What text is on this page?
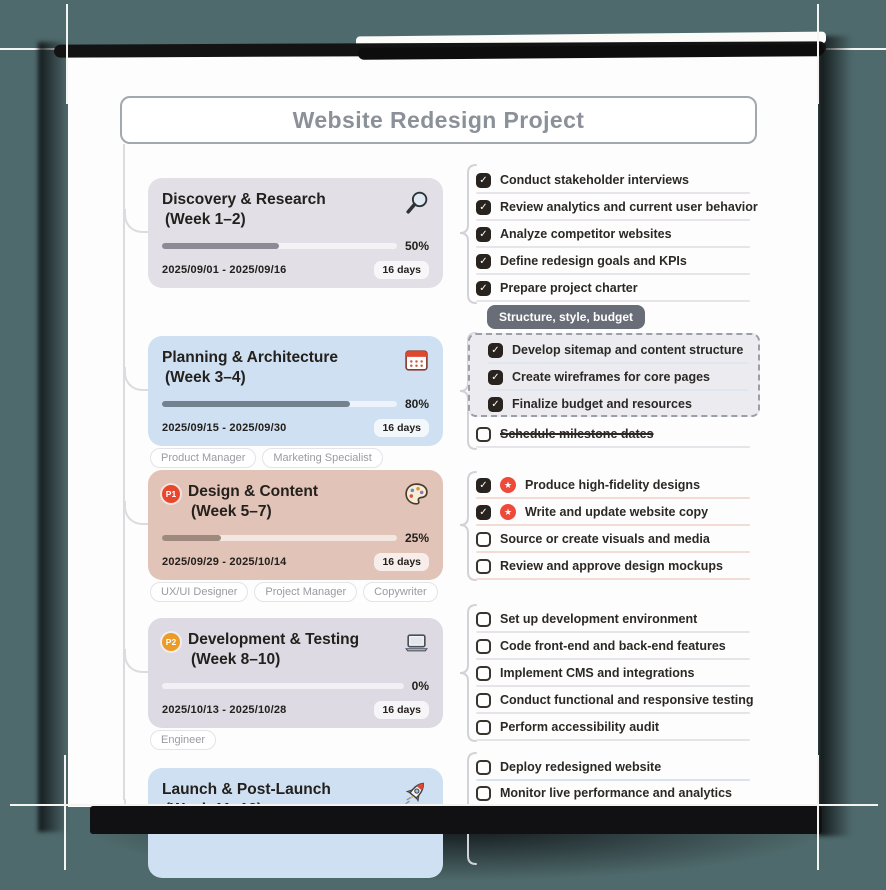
Website Redesign Project
Discovery & Research
(Week 1–2)
50%
2025/09/01 - 2025/09/16	16 days
Planning & Architecture
(Week 3–4)
80%
2025/09/15 - 2025/09/30	16 days
Product Manager	Marketing Specialist
P1 Design & Content
(Week 5–7)
25%
2025/09/29 - 2025/10/14	16 days
UX/UI Designer	Project Manager	Copywriter
P2 Development & Testing
(Week 8–10)
0%
2025/10/13 - 2025/10/28	16 days
Engineer
Launch & Post-Launch
✓ Conduct stakeholder interviews
✓ Review analytics and current user behavior
✓ Analyze competitor websites
✓ Define redesign goals and KPIs
✓ Prepare project charter
Structure, style, budget
✓ Develop sitemap and content structure
✓ Create wireframes for core pages
✓ Finalize budget and resources
Schedule milestone dates
✓	★	Produce high-fidelity designs
✓	★	Write and update website copy
Source or create visuals and media
Review and approve design mockups
Set up development environment
Code front-end and back-end features
Implement CMS and integrations
Conduct functional and responsive testing
Perform accessibility audit
Deploy redesigned website
Monitor live performance and analytics
